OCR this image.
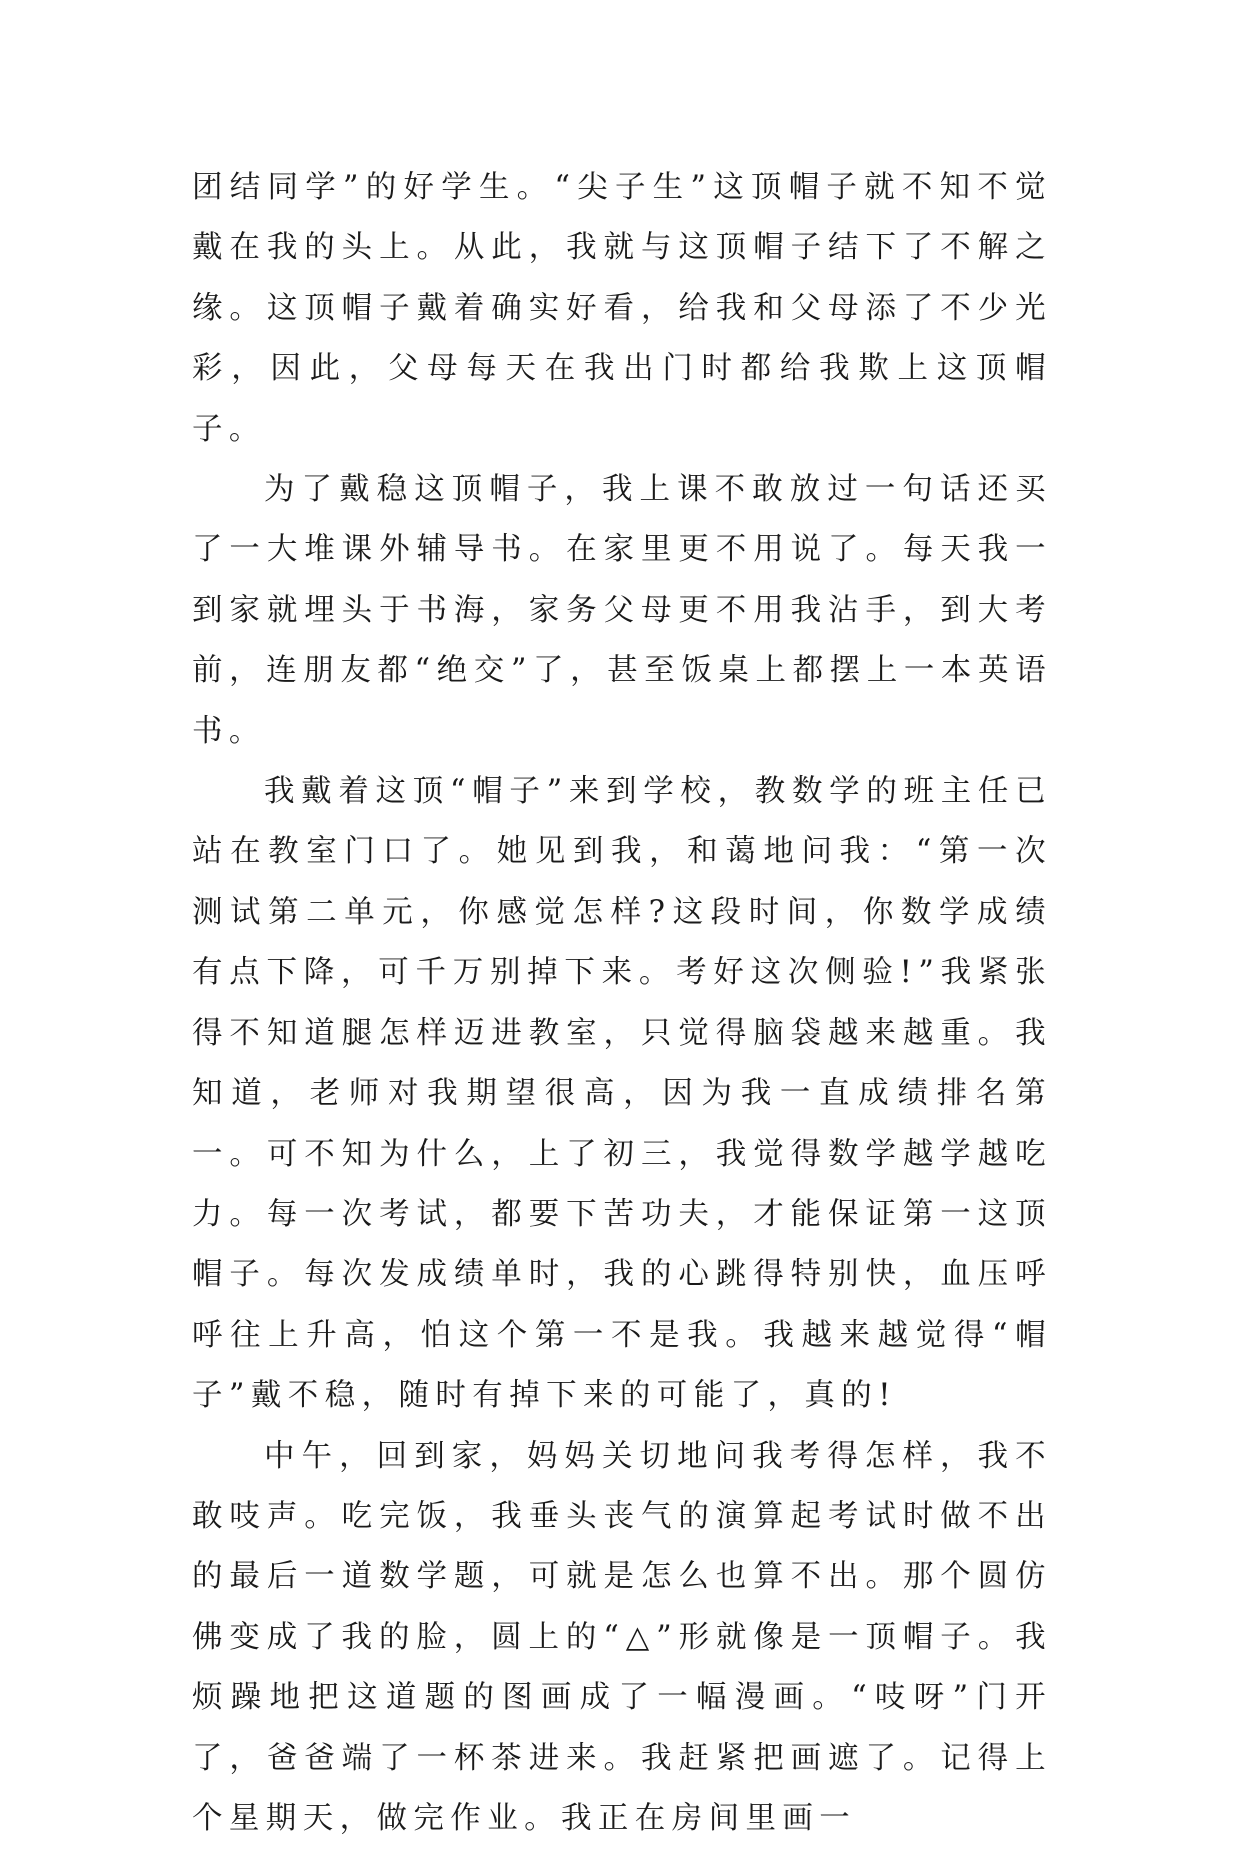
团结同学”的好学生。“尖子生”这顶帽子就不知不觉戴在我的头上。从此，我就与这顶帽子结下了不解之缘。这顶帽子戴着确实好看，给我和父母添了不少光彩，因此，父母每天在我出门时都给我欺上这顶帽子。

为了戴稳这顶帽子，我上课不敢放过一句话还买了一大堆课外辅导书。在家里更不用说了。每天我一到家就埋头于书海，家务父母更不用我沾手，到大考前，连朋友都“绝交”了，甚至饭桌上都摆上一本英语书。

我戴着这顶“帽子”来到学校，教数学的班主任已站在教室门口了。她见到我，和蔼地问我：“第一次测试第二单元，你感觉怎样?这段时间，你数学成绩有点下降，可千万别掉下来。考好这次侧验!”我紧张得不知道腿怎样迈进教室，只觉得脑袋越来越重。我知道，老师对我期望很高，因为我一直成绩排名第一。可不知为什么，上了初三，我觉得数学越学越吃力。每一次考试，都要下苦功夫，才能保证第一这顶帽子。每次发成绩单时，我的心跳得特别快，血压呼呼往上升高，怕这个第一不是我。我越来越觉得“帽子”戴不稳，随时有掉下来的可能了，真的!

中午，回到家，妈妈关切地问我考得怎样，我不敢吱声。吃完饭，我垂头丧气的演算起考试时做不出的最后一道数学题，可就是怎么也算不出。那个圆仿佛变成了我的脸，圆上的“△”形就像是一顶帽子。我烦躁地把这道题的图画成了一幅漫画。“吱呀”门开了，爸爸端了一杯茶进来。我赶紧把画遮了。记得上个星期天，做完作业。我正在房间里画一
